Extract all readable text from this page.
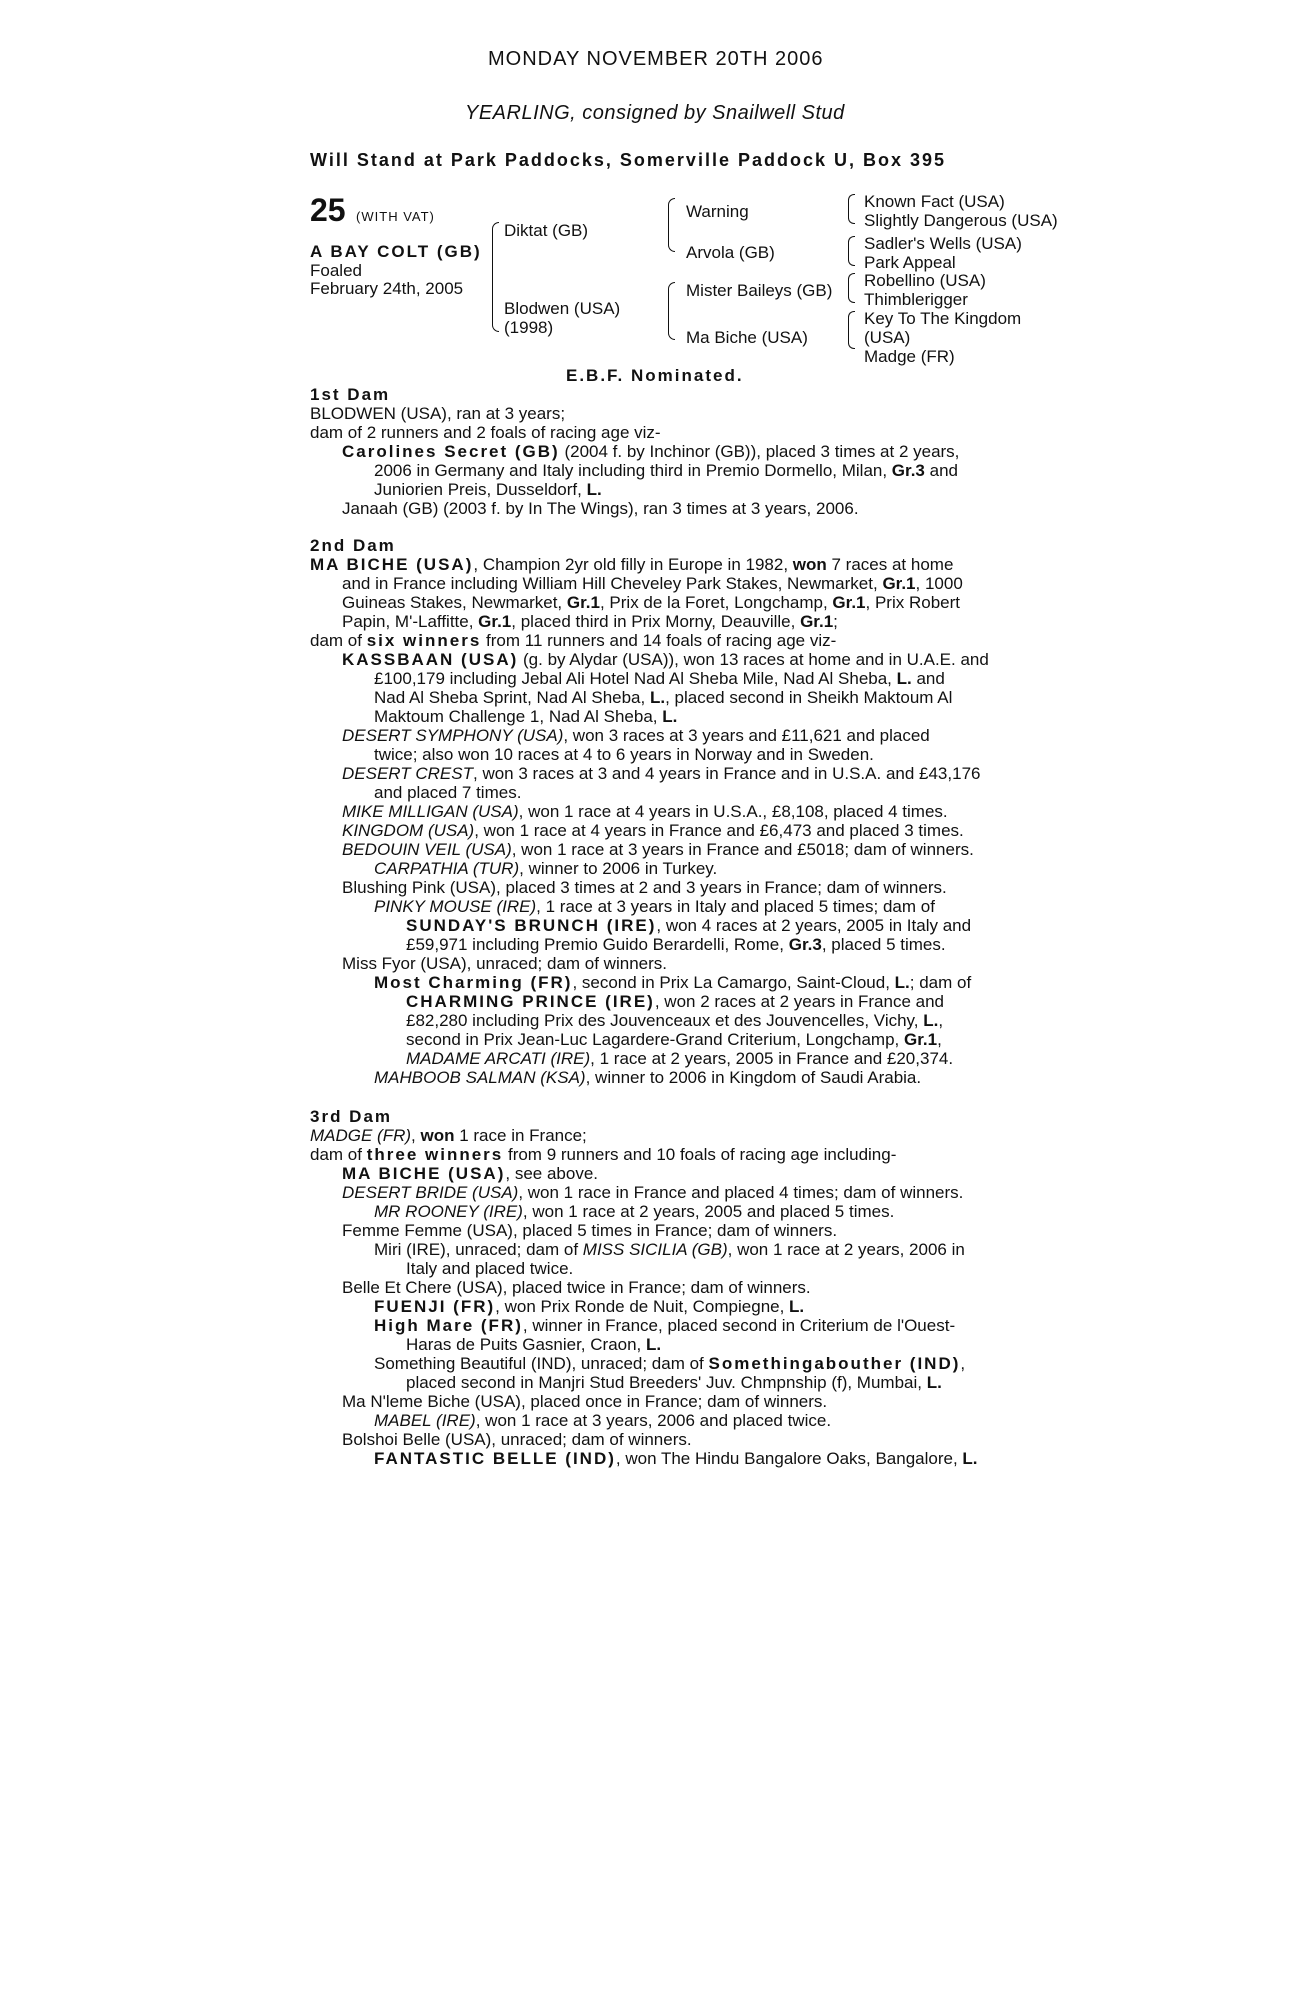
MONDAY NOVEMBER 20TH 2006
YEARLING, consigned by Snailwell Stud
Will Stand at Park Paddocks, Somerville Paddock U, Box 395
25 (WITH VAT)
A BAY COLT (GB)
Foaled
February 24th, 2005
Diktat (GB)
Blodwen (USA)
(1998)
Warning
Arvola (GB)
Mister Baileys (GB)
Ma Biche (USA)
Known Fact (USA)
Slightly Dangerous (USA)
Sadler's Wells (USA)
Park Appeal
Robellino (USA)
Thimblerigger
Key To The Kingdom
(USA)
Madge (FR)
E.B.F. Nominated.
1st Dam
BLODWEN (USA), ran at 3 years;
dam of 2 runners and 2 foals of racing age viz-
Carolines Secret (GB) (2004 f. by Inchinor (GB)), placed 3 times at 2 years,
2006 in Germany and Italy including third in Premio Dormello, Milan, Gr.3 and
Juniorien Preis, Dusseldorf, L.
Janaah (GB) (2003 f. by In The Wings), ran 3 times at 3 years, 2006.
2nd Dam
MA BICHE (USA), Champion 2yr old filly in Europe in 1982, won 7 races at home
and in France including William Hill Cheveley Park Stakes, Newmarket, Gr.1, 1000
Guineas Stakes, Newmarket, Gr.1, Prix de la Foret, Longchamp, Gr.1, Prix Robert
Papin, M'-Laffitte, Gr.1, placed third in Prix Morny, Deauville, Gr.1;
dam of six winners from 11 runners and 14 foals of racing age viz-
KASSBAAN (USA) (g. by Alydar (USA)), won 13 races at home and in U.A.E. and
£100,179 including Jebal Ali Hotel Nad Al Sheba Mile, Nad Al Sheba, L. and
Nad Al Sheba Sprint, Nad Al Sheba, L., placed second in Sheikh Maktoum Al
Maktoum Challenge 1, Nad Al Sheba, L.
DESERT SYMPHONY (USA), won 3 races at 3 years and £11,621 and placed
twice; also won 10 races at 4 to 6 years in Norway and in Sweden.
DESERT CREST, won 3 races at 3 and 4 years in France and in U.S.A. and £43,176
and placed 7 times.
MIKE MILLIGAN (USA), won 1 race at 4 years in U.S.A., £8,108, placed 4 times.
KINGDOM (USA), won 1 race at 4 years in France and £6,473 and placed 3 times.
BEDOUIN VEIL (USA), won 1 race at 3 years in France and £5018; dam of winners.
CARPATHIA (TUR), winner to 2006 in Turkey.
Blushing Pink (USA), placed 3 times at 2 and 3 years in France; dam of winners.
PINKY MOUSE (IRE), 1 race at 3 years in Italy and placed 5 times; dam of
SUNDAY'S BRUNCH (IRE), won 4 races at 2 years, 2005 in Italy and
£59,971 including Premio Guido Berardelli, Rome, Gr.3, placed 5 times.
Miss Fyor (USA), unraced; dam of winners.
Most Charming (FR), second in Prix La Camargo, Saint-Cloud, L.; dam of
CHARMING PRINCE (IRE), won 2 races at 2 years in France and
£82,280 including Prix des Jouvenceaux et des Jouvencelles, Vichy, L.,
second in Prix Jean-Luc Lagardere-Grand Criterium, Longchamp, Gr.1,
MADAME ARCATI (IRE), 1 race at 2 years, 2005 in France and £20,374.
MAHBOOB SALMAN (KSA), winner to 2006 in Kingdom of Saudi Arabia.
3rd Dam
MADGE (FR), won 1 race in France;
dam of three winners from 9 runners and 10 foals of racing age including-
MA BICHE (USA), see above.
DESERT BRIDE (USA), won 1 race in France and placed 4 times; dam of winners.
MR ROONEY (IRE), won 1 race at 2 years, 2005 and placed 5 times.
Femme Femme (USA), placed 5 times in France; dam of winners.
Miri (IRE), unraced; dam of MISS SICILIA (GB), won 1 race at 2 years, 2006 in
Italy and placed twice.
Belle Et Chere (USA), placed twice in France; dam of winners.
FUENJI (FR), won Prix Ronde de Nuit, Compiegne, L.
High Mare (FR), winner in France, placed second in Criterium de l'Ouest-
Haras de Puits Gasnier, Craon, L.
Something Beautiful (IND), unraced; dam of Somethingabouther (IND),
placed second in Manjri Stud Breeders' Juv. Chmpnship (f), Mumbai, L.
Ma N'leme Biche (USA), placed once in France; dam of winners.
MABEL (IRE), won 1 race at 3 years, 2006 and placed twice.
Bolshoi Belle (USA), unraced; dam of winners.
FANTASTIC BELLE (IND), won The Hindu Bangalore Oaks, Bangalore, L.
